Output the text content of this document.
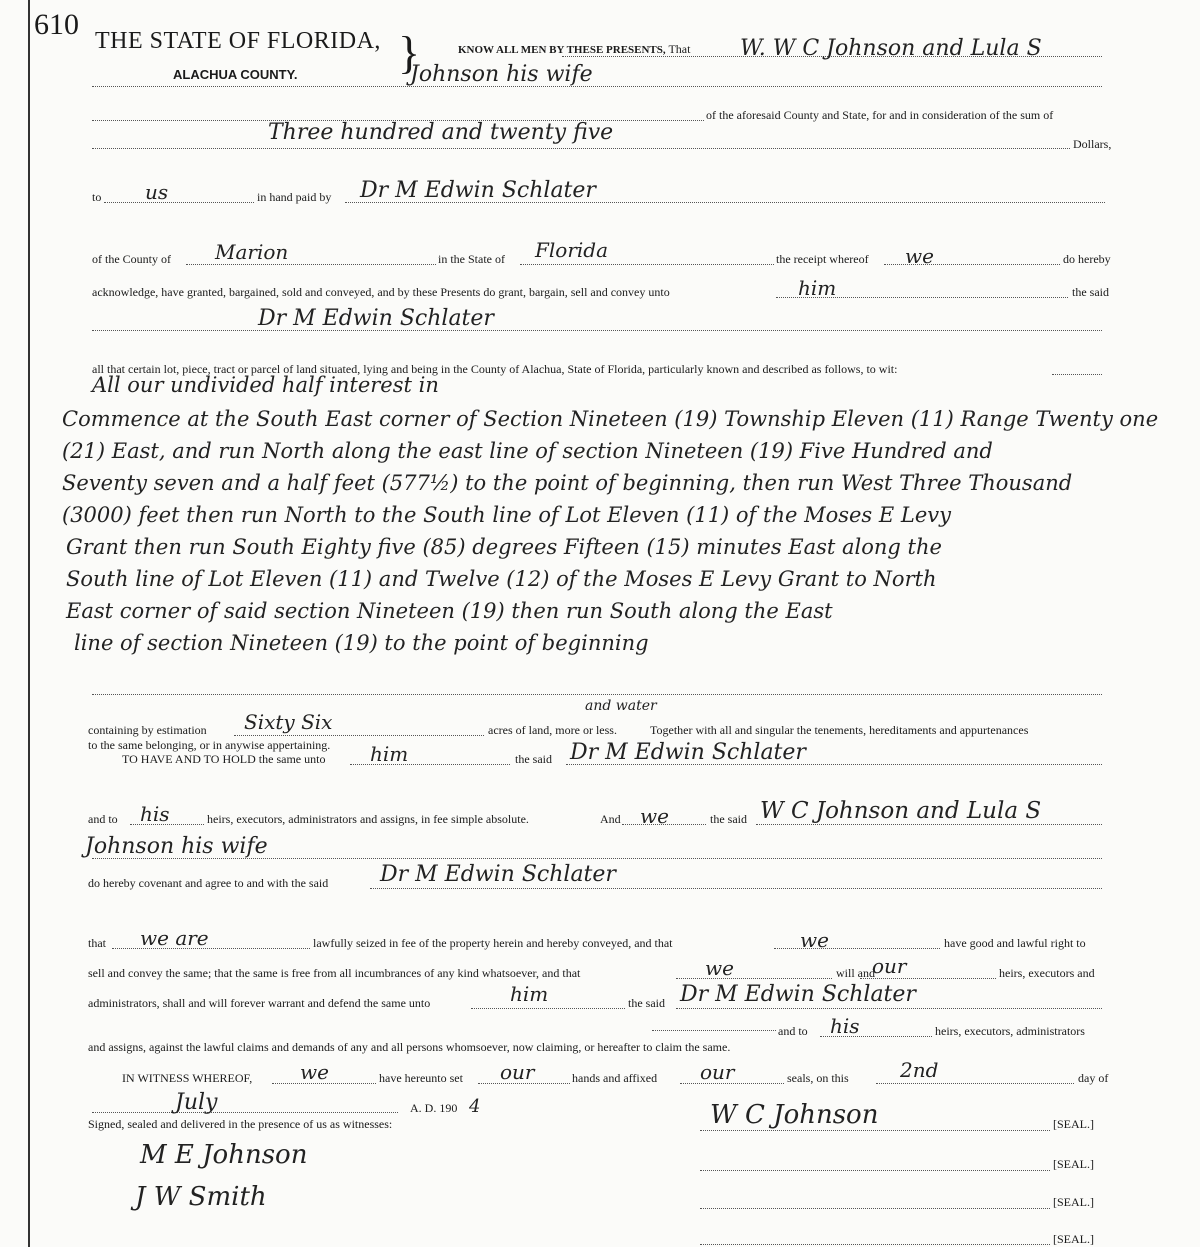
610 THE STATE OF FLORIDA,
ALACHUA COUNTY. }	KNOW ALL MEN BY THESE PRESENTS, That W. W C Johnson and Lula S
Johnson his wife
of the aforesaid County and State, for and in consideration of the sum of
Three hundred and twenty five	Dollars,
to us	in hand paid by Dr M Edwin Schlater
of the County of Marion	in the State of Florida	the receipt whereof we	do hereby
acknowledge, have granted, bargained, sold and conveyed, and by these Presents do grant, bargain, sell and convey unto	him	the said
Dr M Edwin Schlater
all that certain lot, piece, tract or parcel of land situated, lying and being in the County of Alachua, State of Florida, particularly known and described as follows, to wit:
All our undivided half interest in
Commence at the South East corner of Section Nineteen (19) Township Eleven (11) Range Twenty one
(21) East, and run North along the east line of section Nineteen (19) Five Hundred and
Seventy seven and a half feet (577½) to the point of beginning, then run West Three Thousand
(3000) feet then run North to the South line of Lot Eleven (11) of the Moses E Levy
Grant then run South Eighty five (85) degrees Fifteen (15) minutes East along the
South line of Lot Eleven (11) and Twelve (12) of the Moses E Levy Grant to North
East corner of said section Nineteen (19) then run South along the East
line of section Nineteen (19) to the point of beginning
containing by estimation Sixty Six
and water
acres of land, more or less.	Together with all and singular the tenements, hereditaments and appurtenances
to the same belonging, or in anywise appertaining.
TO HAVE AND TO HOLD the same unto him	the said Dr M Edwin Schlater
and to his	heirs, executors, administrators and assigns, in fee simple absolute.	And we	the said W C Johnson and Lula S
Johnson his wife
do hereby covenant and agree to and with the said Dr M Edwin Schlater
that we are	lawfully seized in fee of the property herein and hereby conveyed, and that	we	have good and lawful right to
sell and convey the same; that the same is free from all incumbrances of any kind whatsoever, and that	we	will and
our	heirs, executors and
administrators, shall and will forever warrant and defend the same unto	him	the said Dr M Edwin Schlater
and to his	heirs, executors, administrators
and assigns, against the lawful claims and demands of any and all persons whomsoever, now claiming, or hereafter to claim the same.
IN WITNESS WHEREOF, we	have hereunto set our	hands and affixed our	seals, on this	2nd	day of
July	A. D. 190 4
Signed, sealed and delivered in the presence of us as witnesses:
M E Johnson
J W Smith
W C Johnson	[SEAL.]
[SEAL.]
[SEAL.]
[SEAL.]
